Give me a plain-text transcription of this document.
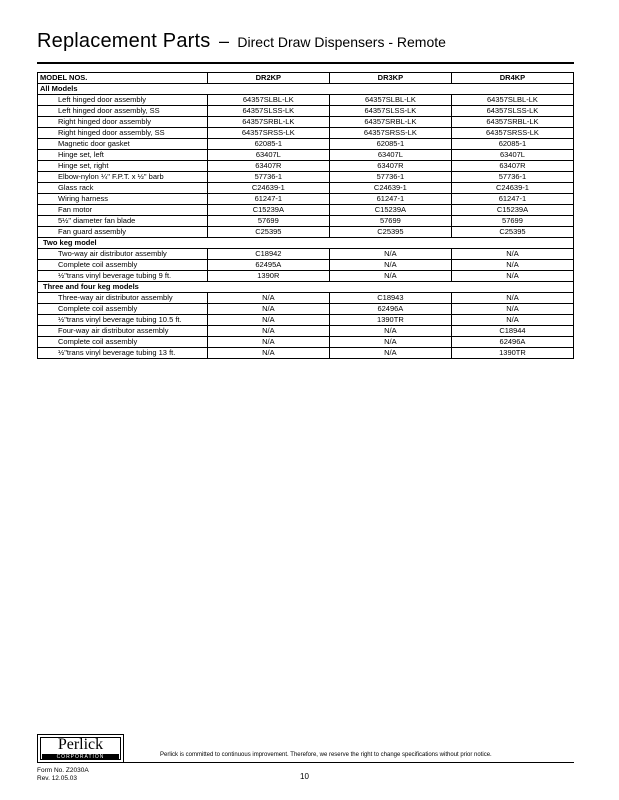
Replacement Parts – Direct Draw Dispensers - Remote
MODEL NOS.	DR2KP	DR3KP	DR4KP
All Models			
Left hinged door assembly	64357SLBL-LK	64357SLBL-LK	64357SLBL-LK
Left hinged door assembly, SS	64357SLSS-LK	64357SLSS-LK	64357SLSS-LK
Right hinged door assembly	64357SRBL-LK	64357SRBL-LK	64357SRBL-LK
Right hinged door assembly, SS	64357SRSS-LK	64357SRSS-LK	64357SRSS-LK
Magnetic door gasket	62085-1	62085-1	62085-1
Hinge set, left	63407L	63407L	63407L
Hinge set, right	63407R	63407R	63407R
Elbow-nylon ¼" F.P.T. x ½" barb	57736-1	57736-1	57736-1
Glass rack	C24639-1	C24639-1	C24639-1
Wiring harness	61247-1	61247-1	61247-1
Fan motor	C15239A	C15239A	C15239A
5½" diameter fan blade	57699	57699	57699
Fan guard assembly	C25395	C25395	C25395
Two keg model			
Two-way air distributor assembly	C18942	N/A	N/A
Complete coil assembly	62495A	N/A	N/A
½"trans vinyl beverage tubing 9 ft.	1390R	N/A	N/A
Three and four keg models			
Three-way air distributor assembly	N/A	C18943	N/A
Complete coil assembly	N/A	62496A	N/A
½"trans vinyl beverage tubing 10.5 ft.	N/A	1390TR	N/A
Four-way air distributor assembly	N/A	N/A	C18944
Complete coil assembly	N/A	N/A	62496A
½"trans vinyl beverage tubing 13 ft.	N/A	N/A	1390TR
Perlick
CORPORATION	Perlick is committed to continuous improvement. Therefore, we reserve the right to change specifications without prior notice.
Form No. Z2030A
Rev. 12.05.03	10
